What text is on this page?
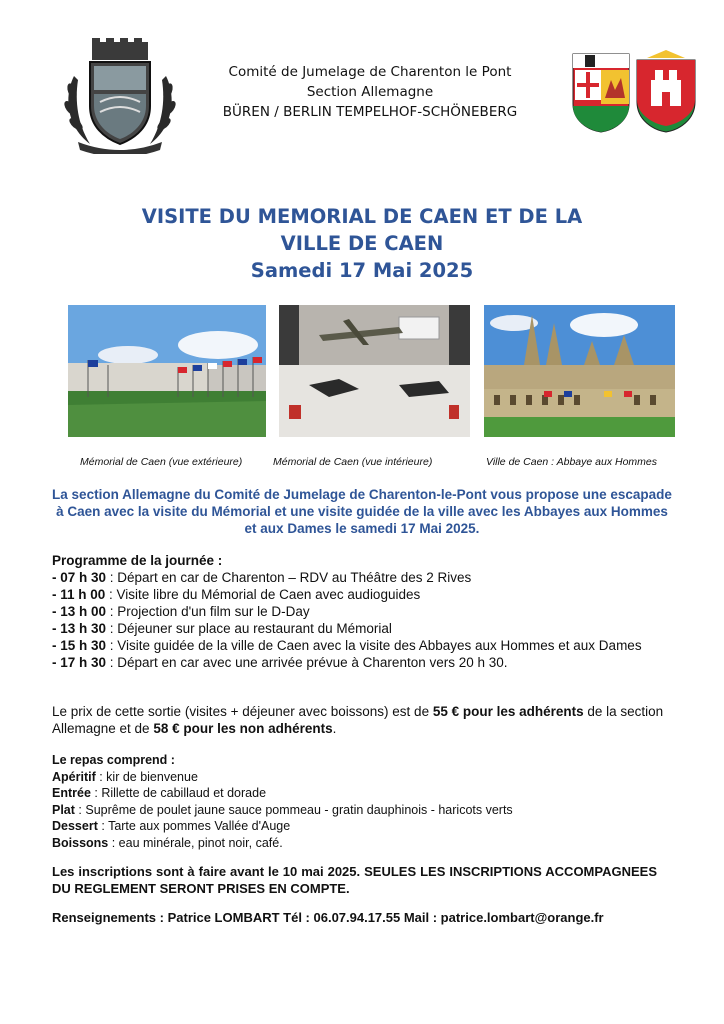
Comité de Jumelage de Charenton le Pont
Section Allemagne
BÜREN / BERLIN TEMPELHOF-SCHÖNEBERG
VISITE DU MEMORIAL DE CAEN ET DE LA
VILLE DE CAEN
Samedi 17 Mai 2025
Mémorial de Caen (vue extérieure)	Mémorial de Caen (vue intérieure)	Ville de Caen : Abbaye aux Hommes
La section Allemagne du Comité de Jumelage de Charenton-le-Pont vous propose une escapade à Caen avec la visite du Mémorial et une visite guidée de la ville avec les Abbayes aux Hommes et aux Dames le samedi 17 Mai 2025.
Programme de la journée :
- 07 h 30 : Départ en car de Charenton – RDV au Théâtre des 2 Rives
- 11 h 00 : Visite libre du Mémorial de Caen avec audioguides
- 13 h 00 : Projection d'un film sur le D-Day
- 13 h 30 : Déjeuner sur place au restaurant du Mémorial
- 15 h 30 : Visite guidée de la ville de Caen avec la visite des Abbayes aux Hommes et aux Dames
- 17 h 30 : Départ en car avec une arrivée prévue à Charenton vers 20 h 30.
Le prix de cette sortie (visites + déjeuner avec boissons) est de 55 € pour les adhérents de la section Allemagne et de 58 € pour les non adhérents.
Le repas comprend :
Apéritif : kir de bienvenue
Entrée : Rillette de cabillaud et dorade
Plat : Suprême de poulet jaune sauce pommeau - gratin dauphinois - haricots verts
Dessert : Tarte aux pommes Vallée d'Auge
Boissons : eau minérale, pinot noir, café.
Les inscriptions sont à faire avant le 10 mai 2025. SEULES LES INSCRIPTIONS ACCOMPAGNEES DU REGLEMENT SERONT PRISES EN COMPTE.
Renseignements : Patrice LOMBART Tél : 06.07.94.17.55 Mail : patrice.lombart@orange.fr
